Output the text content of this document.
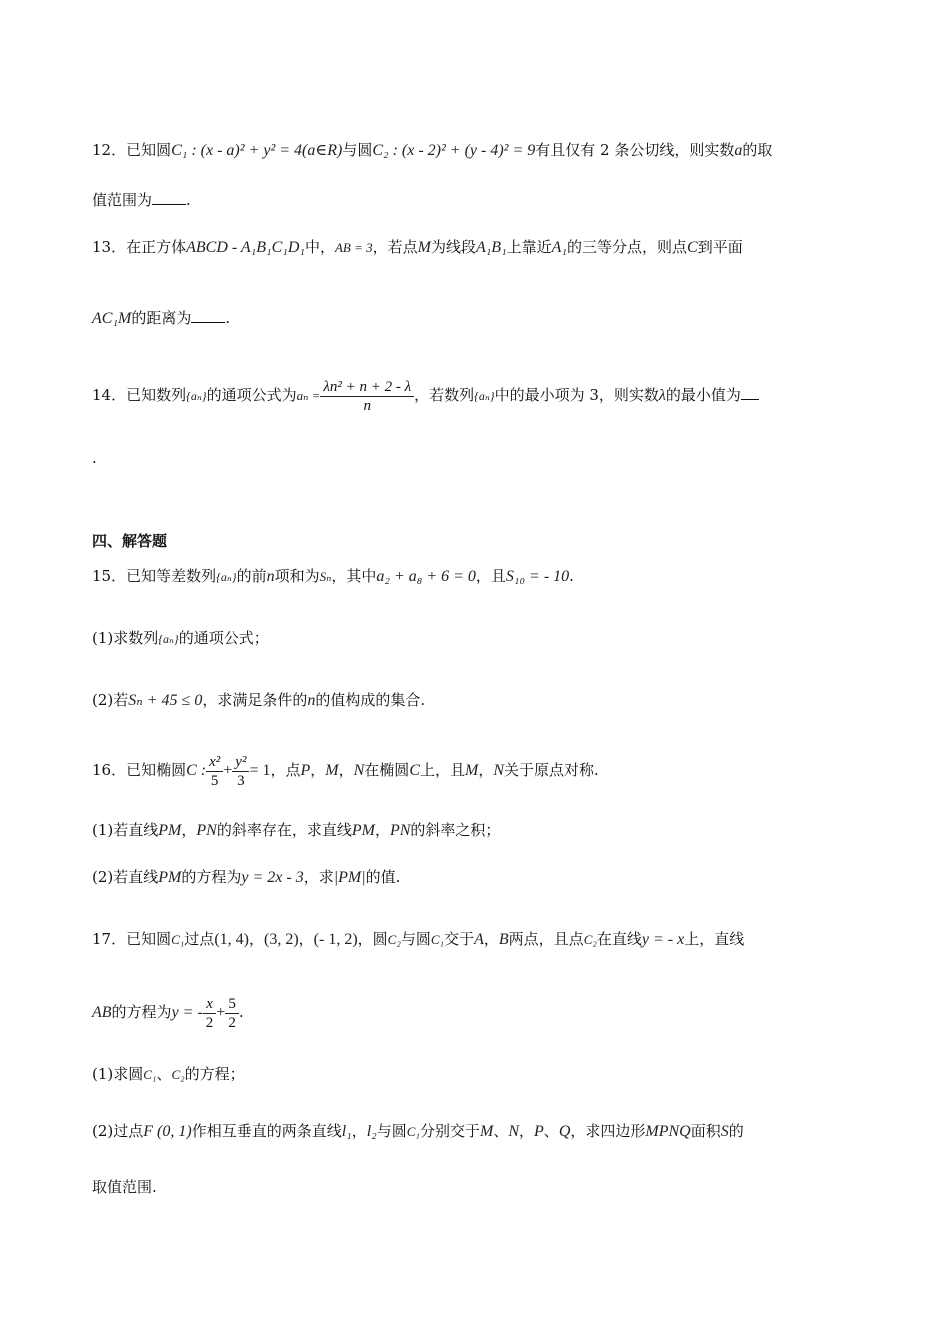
12．已知圆C₁ : (x - a)² + y² = 4(a∈R)与圆C₂ : (x - 2)² + (y - 4)² = 9有且仅有 2 条公切线，则实数a的取
值范围为 .
13．在正方体ABCD - A₁B₁C₁D₁中，AB = 3，若点M为线段A₁B₁上靠近A₁的三等分点，则点C到平面
AC₁M的距离为 .
14．已知数列{aₙ}的通项公式为$a_n = \frac{\text{λn² + n + 2 - λ}}{n}$ ，若数列{aₙ}中的最小项为 3，则实数λ的最小值为
.
四、解答题
15．已知等差数列{aₙ}的前n项和为Sₙ，其中a₂ + a₈ + 6 = 0，且S₁₀ = - 10.
(1)求数列{aₙ}的通项公式；
(2)若Sₙ + 45 ≤ 0，求满足条件的n的值构成的集合.
16．已知椭圆C : $\frac{\text{x²}}{5} + \frac{\text{y²}}{3} = 1$，点P，M，N在椭圆C上，且M，N关于原点对称.
(1)若直线PM，PN的斜率存在，求直线PM，PN的斜率之积；
(2)若直线PM的方程为y = 2x - 3，求|PM|的值.
17．已知圆C₁过点(1, 4)，(3, 2)，(- 1, 2)，圆C₂与圆C₁交于A，B两点，且点C₂在直线y = - x上，直线
AB的方程为y = - $\frac{x}{2} + \frac{5}{2}$ .
(1)求圆C₁、C₂的方程；
(2)过点F (0, 1)作相互垂直的两条直线l₁，l₂与圆C₁分别交于M、N，P、Q，求四边形MPNQ面积S的
取值范围.
